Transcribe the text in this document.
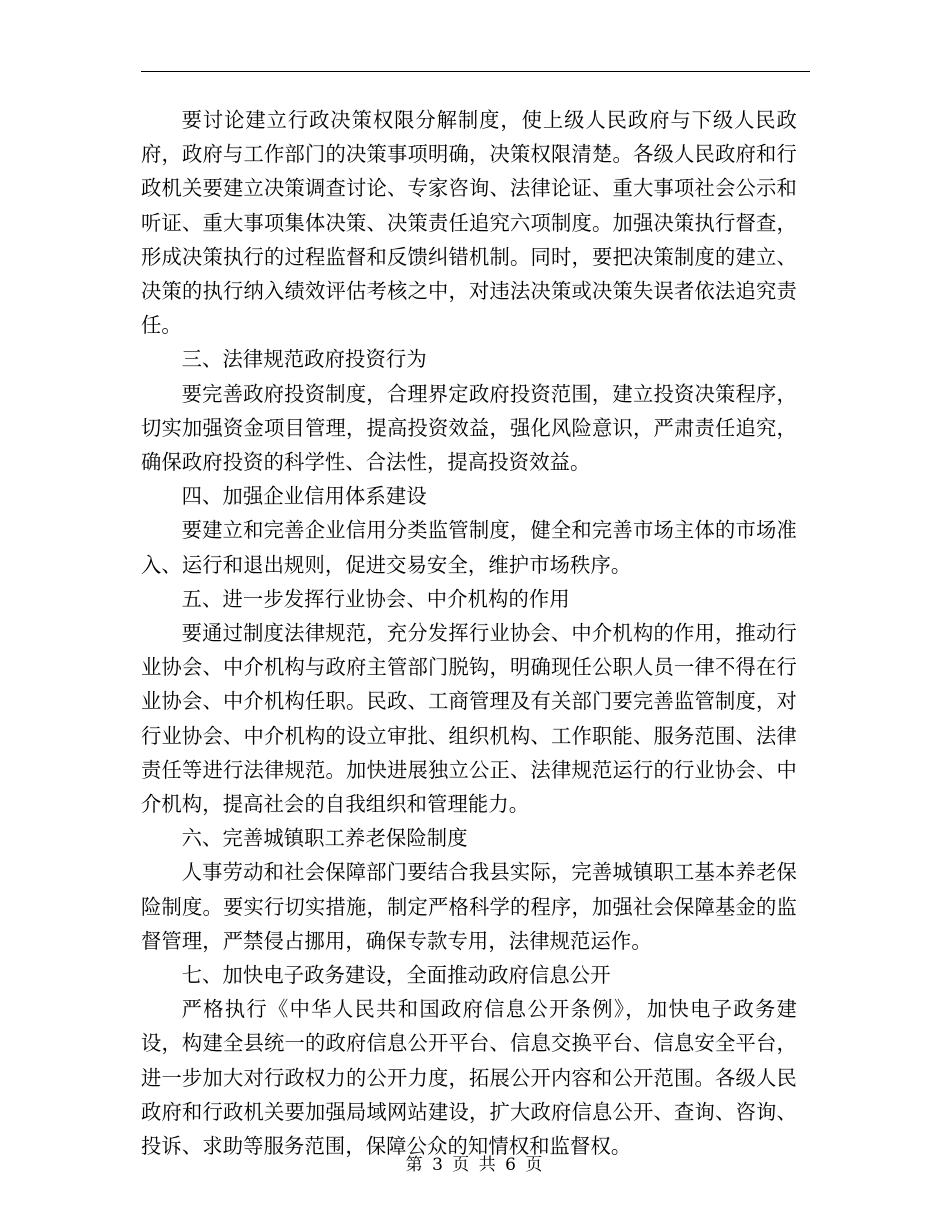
要讨论建立行政决策权限分解制度，使上级人民政府与下级人民政府，政府与工作部门的决策事项明确，决策权限清楚。各级人民政府和行政机关要建立决策调查讨论、专家咨询、法律论证、重大事项社会公示和听证、重大事项集体决策、决策责任追究六项制度。加强决策执行督查，形成决策执行的过程监督和反馈纠错机制。同时，要把决策制度的建立、决策的执行纳入绩效评估考核之中，对违法决策或决策失误者依法追究责任。

三、法律规范政府投资行为

要完善政府投资制度，合理界定政府投资范围，建立投资决策程序，切实加强资金项目管理，提高投资效益，强化风险意识，严肃责任追究，确保政府投资的科学性、合法性，提高投资效益。

四、加强企业信用体系建设

要建立和完善企业信用分类监管制度，健全和完善市场主体的市场准入、运行和退出规则，促进交易安全，维护市场秩序。

五、进一步发挥行业协会、中介机构的作用

要通过制度法律规范，充分发挥行业协会、中介机构的作用，推动行业协会、中介机构与政府主管部门脱钩，明确现任公职人员一律不得在行业协会、中介机构任职。民政、工商管理及有关部门要完善监管制度，对行业协会、中介机构的设立审批、组织机构、工作职能、服务范围、法律责任等进行法律规范。加快进展独立公正、法律规范运行的行业协会、中介机构，提高社会的自我组织和管理能力。

六、完善城镇职工养老保险制度

人事劳动和社会保障部门要结合我县实际，完善城镇职工基本养老保险制度。要实行切实措施，制定严格科学的程序，加强社会保障基金的监督管理，严禁侵占挪用，确保专款专用，法律规范运作。

七、加快电子政务建设，全面推动政府信息公开

严格执行《中华人民共和国政府信息公开条例》，加快电子政务建设，构建全县统一的政府信息公开平台、信息交换平台、信息安全平台，进一步加大对行政权力的公开力度，拓展公开内容和公开范围。各级人民政府和行政机关要加强局域网站建设，扩大政府信息公开、查询、咨询、投诉、求助等服务范围，保障公众的知情权和监督权。

第 3 页 共 6 页
